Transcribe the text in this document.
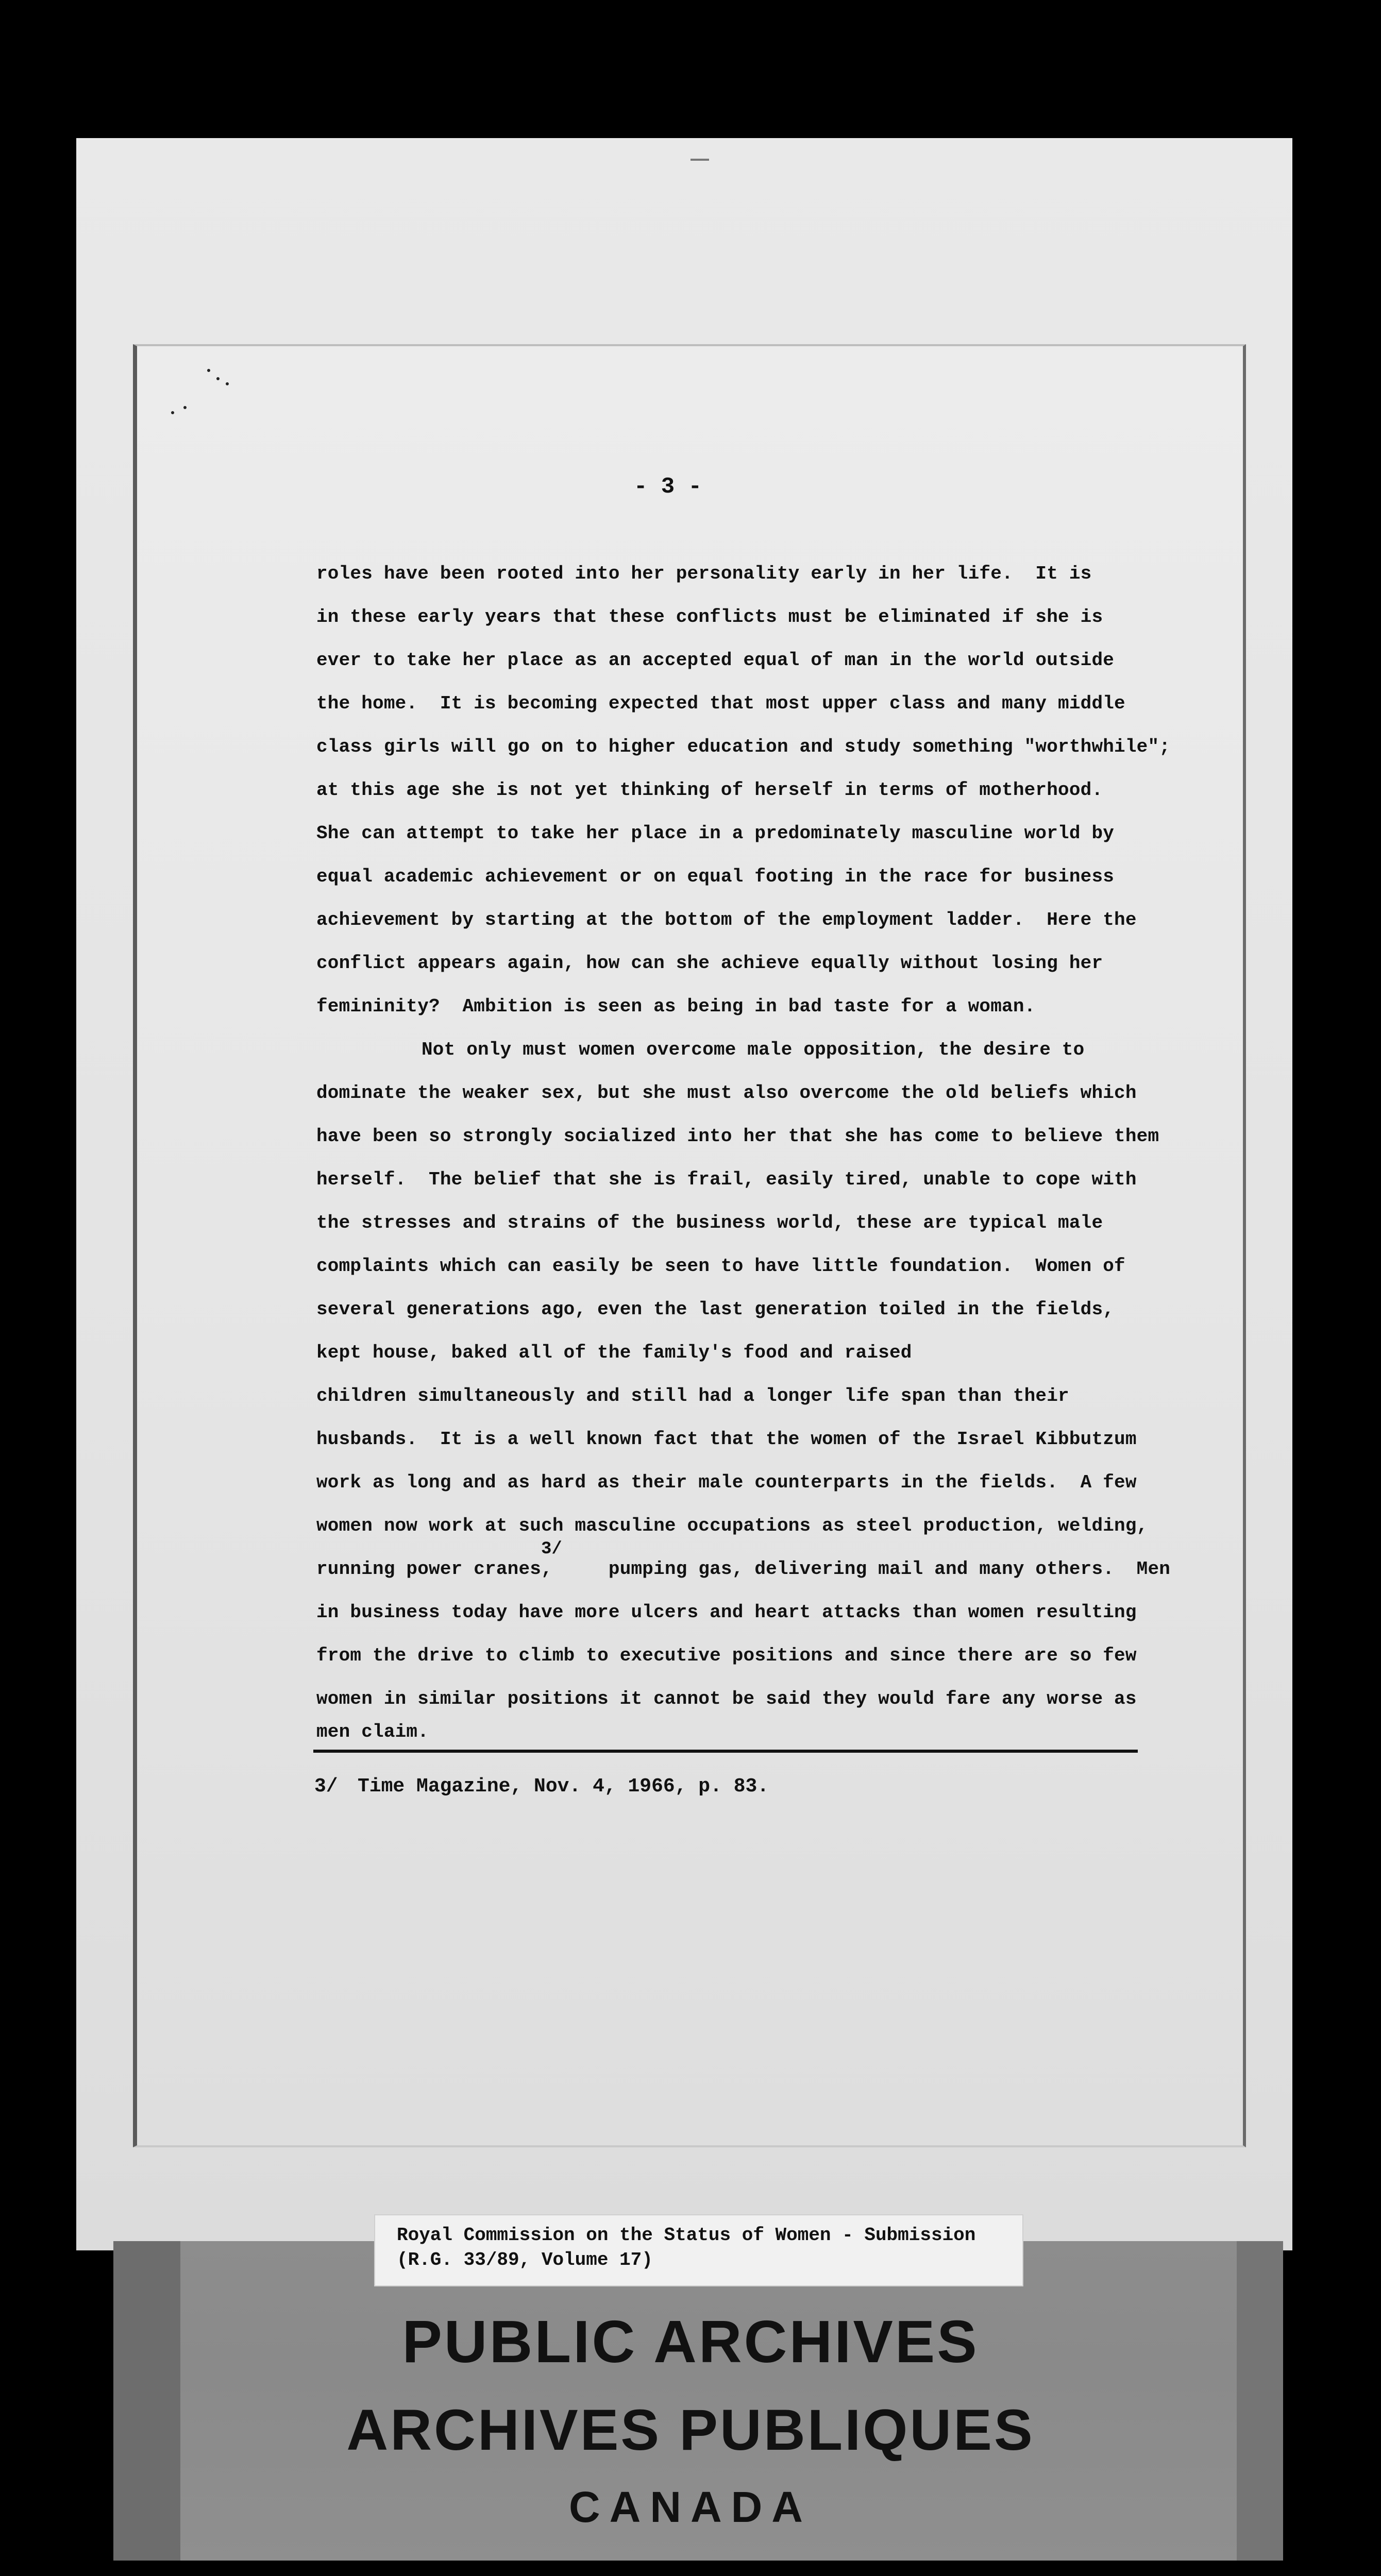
- 3 -
roles have been rooted into her personality early in her life.  It is
in these early years that these conflicts must be eliminated if she is
ever to take her place as an accepted equal of man in the world outside
the home.  It is becoming expected that most upper class and many middle
class girls will go on to higher education and study something "worthwhile";
at this age she is not yet thinking of herself in terms of motherhood.
She can attempt to take her place in a predominately masculine world by
equal academic achievement or on equal footing in the race for business
achievement by starting at the bottom of the employment ladder.  Here the
conflict appears again, how can she achieve equally without losing her
femininity?  Ambition is seen as being in bad taste for a woman.
Not only must women overcome male opposition, the desire to
dominate the weaker sex, but she must also overcome the old beliefs which
have been so strongly socialized into her that she has come to believe them
herself.  The belief that she is frail, easily tired, unable to cope with
the stresses and strains of the business world, these are typical male
complaints which can easily be seen to have little foundation.  Women of
several generations ago, even the last generation toiled in the fields,
kept house, baked all of the family's food and raised
children simultaneously and still had a longer life span than their
husbands.  It is a well known fact that the women of the Israel Kibbutzum
work as long and as hard as their male counterparts in the fields.  A few
women now work at such masculine occupations as steel production, welding,
running power cranes,     pumping gas, delivering mail and many others.  Men
in business today have more ulcers and heart attacks than women resulting
from the drive to climb to executive positions and since there are so few
women in similar positions it cannot be said they would fare any worse as
men claim.
3/
3/ Time Magazine, Nov. 4, 1966, p. 83.
Royal Commission on the Status of Women - Submission
(R.G. 33/89, Volume 17)
PUBLIC ARCHIVES
ARCHIVES PUBLIQUES
CANADA
